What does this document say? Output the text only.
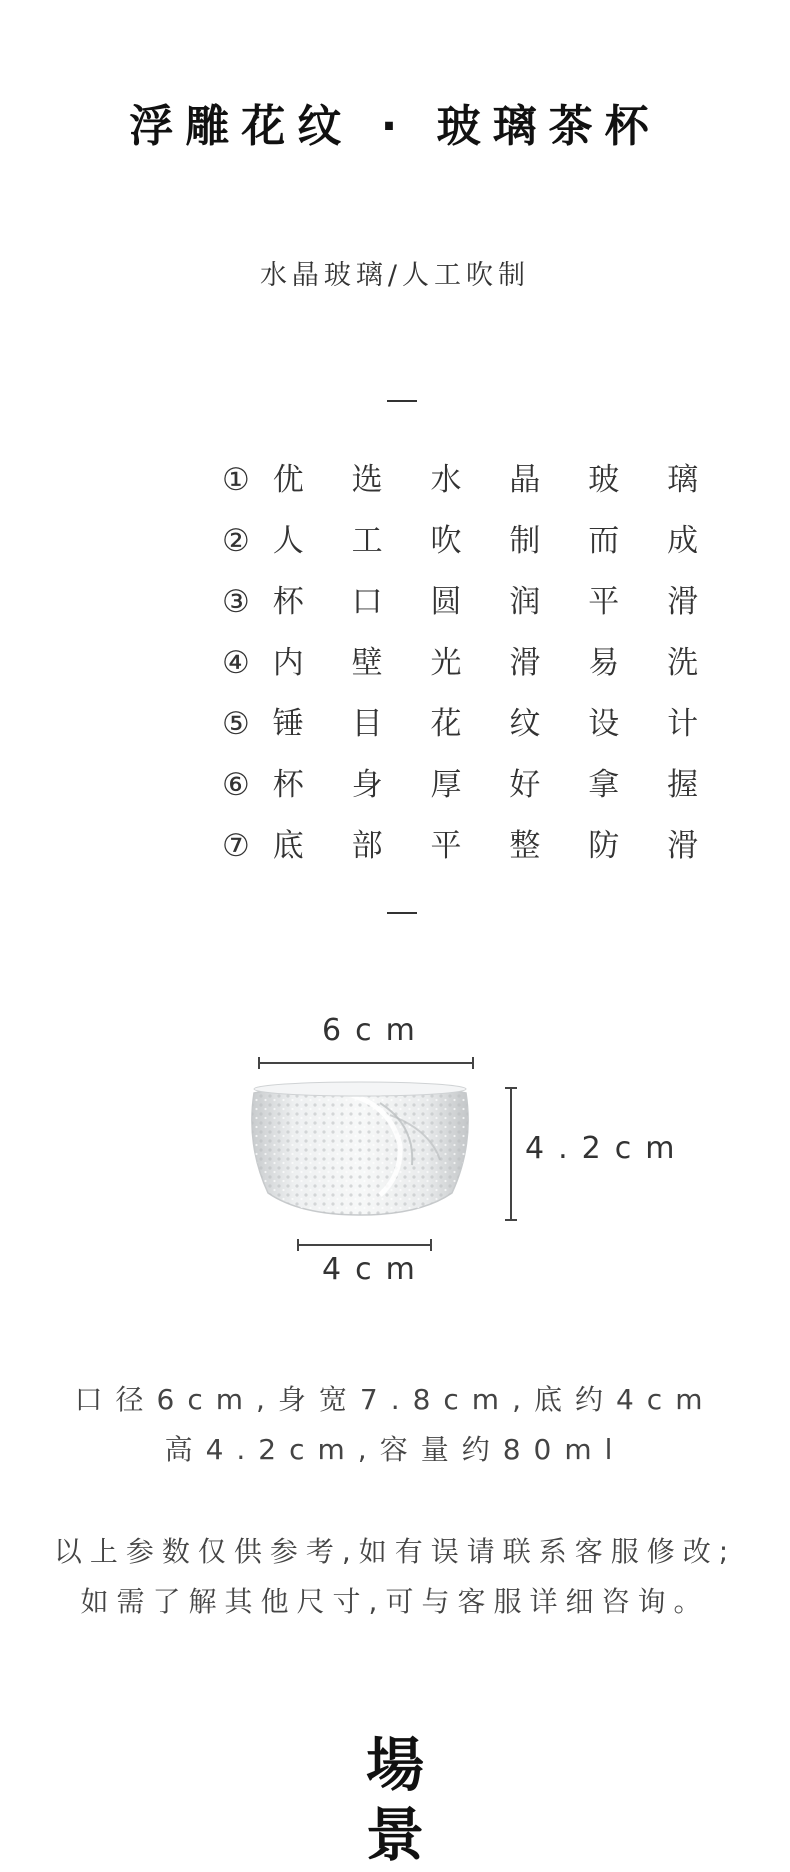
浮雕花纹 · 玻璃茶杯
水晶玻璃/人工吹制
① 优 选 水 晶 玻 璃
② 人 工 吹 制 而 成
③ 杯 口 圆 润 平 滑
④ 内 壁 光 滑 易 洗
⑤ 锤 目 花 纹 设 计
⑥ 杯 身 厚 好 拿 握
⑦ 底 部 平 整 防 滑
6cm
4.2cm
4cm
口径6cm,身宽7.8cm,底约4cm
高4.2cm,容量约80ml
以上参数仅供参考,如有误请联系客服修改;
如需了解其他尺寸,可与客服详细咨询。
場
景
